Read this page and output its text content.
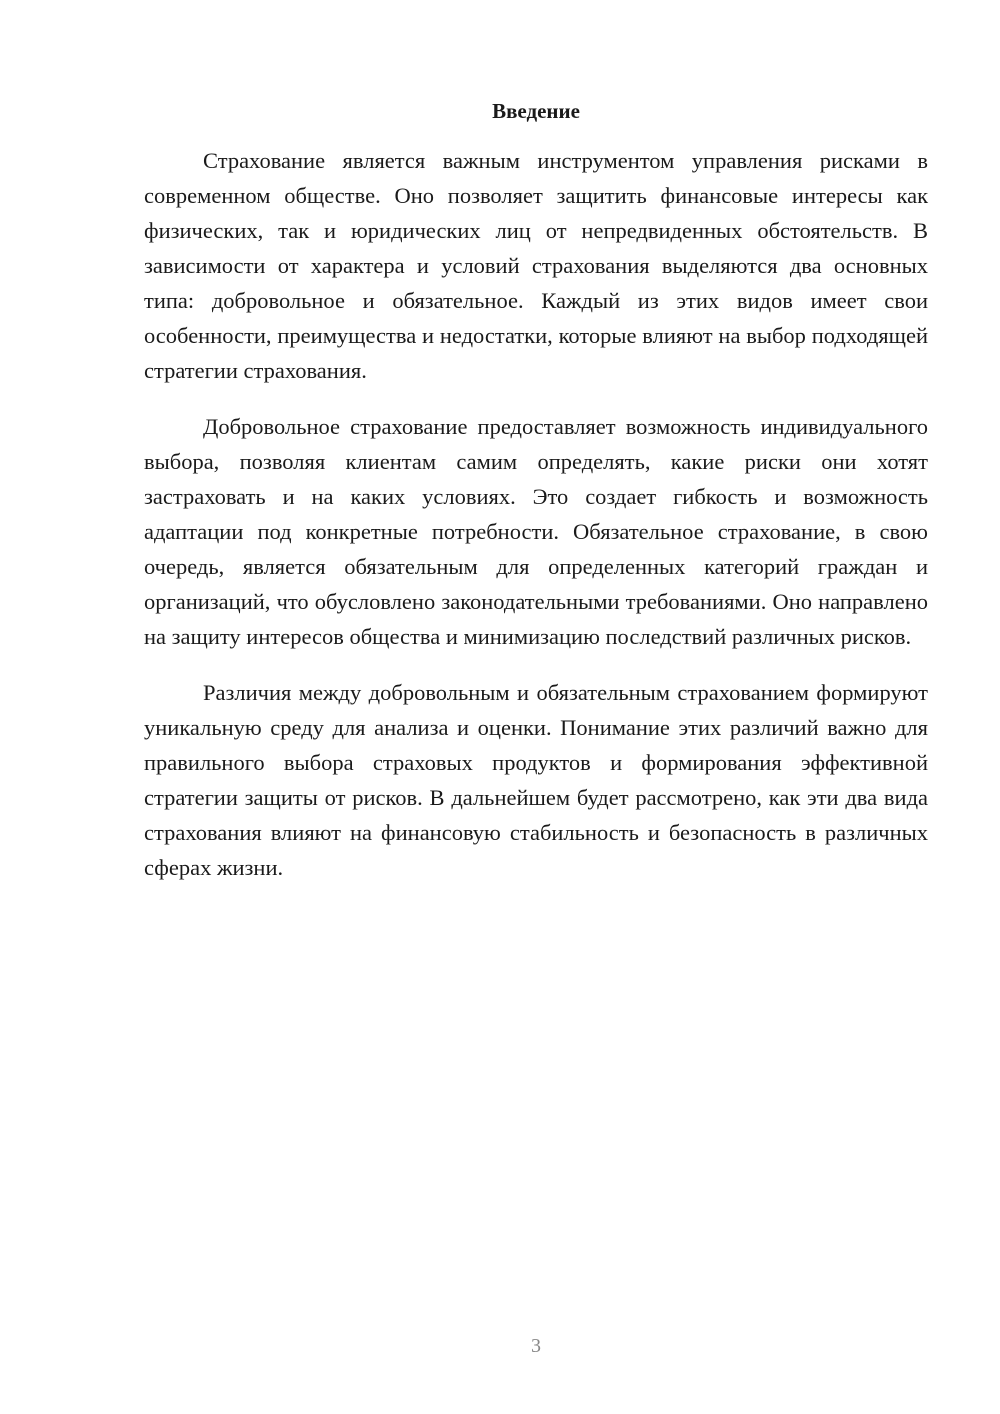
Введение

Страхование является важным инструментом управления рисками в современном обществе. Оно позволяет защитить финансовые интересы как физических, так и юридических лиц от непредвиденных обстоятельств. В зависимости от характера и условий страхования выделяются два основных типа: добровольное и обязательное. Каждый из этих видов имеет свои особенности, преимущества и недостатки, которые влияют на выбор подходящей стратегии страхования.

Добровольное страхование предоставляет возможность индивидуального выбора, позволяя клиентам самим определять, какие риски они хотят застраховать и на каких условиях. Это создает гибкость и возможность адаптации под конкретные потребности. Обязательное страхование, в свою очередь, является обязательным для определенных категорий граждан и организаций, что обусловлено законодательными требованиями. Оно направлено на защиту интересов общества и минимизацию последствий различных рисков.

Различия между добровольным и обязательным страхованием формируют уникальную среду для анализа и оценки. Понимание этих различий важно для правильного выбора страховых продуктов и формирования эффективной стратегии защиты от рисков. В дальнейшем будет рассмотрено, как эти два вида страхования влияют на финансовую стабильность и безопасность в различных сферах жизни.

3
